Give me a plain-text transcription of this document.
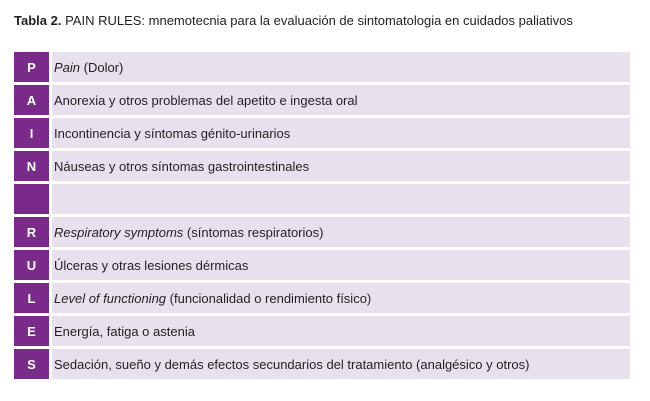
Tabla 2. PAIN RULES: mnemotecnia para la evaluación de sintomatologia en cuidados paliativos
P	Pain (Dolor)
A	Anorexia y otros problemas del apetito e ingesta oral
I	Incontinencia y síntomas génito-urinarios
N	Náuseas y otros síntomas gastrointestinales
R	Respiratory symptoms (síntomas respiratorios)
U	Úlceras y otras lesiones dérmicas
L	Level of functioning (funcionalidad o rendimiento físico)
E	Energía, fatiga o astenia
S	Sedación, sueño y demás efectos secundarios del tratamiento (analgésico y otros)
